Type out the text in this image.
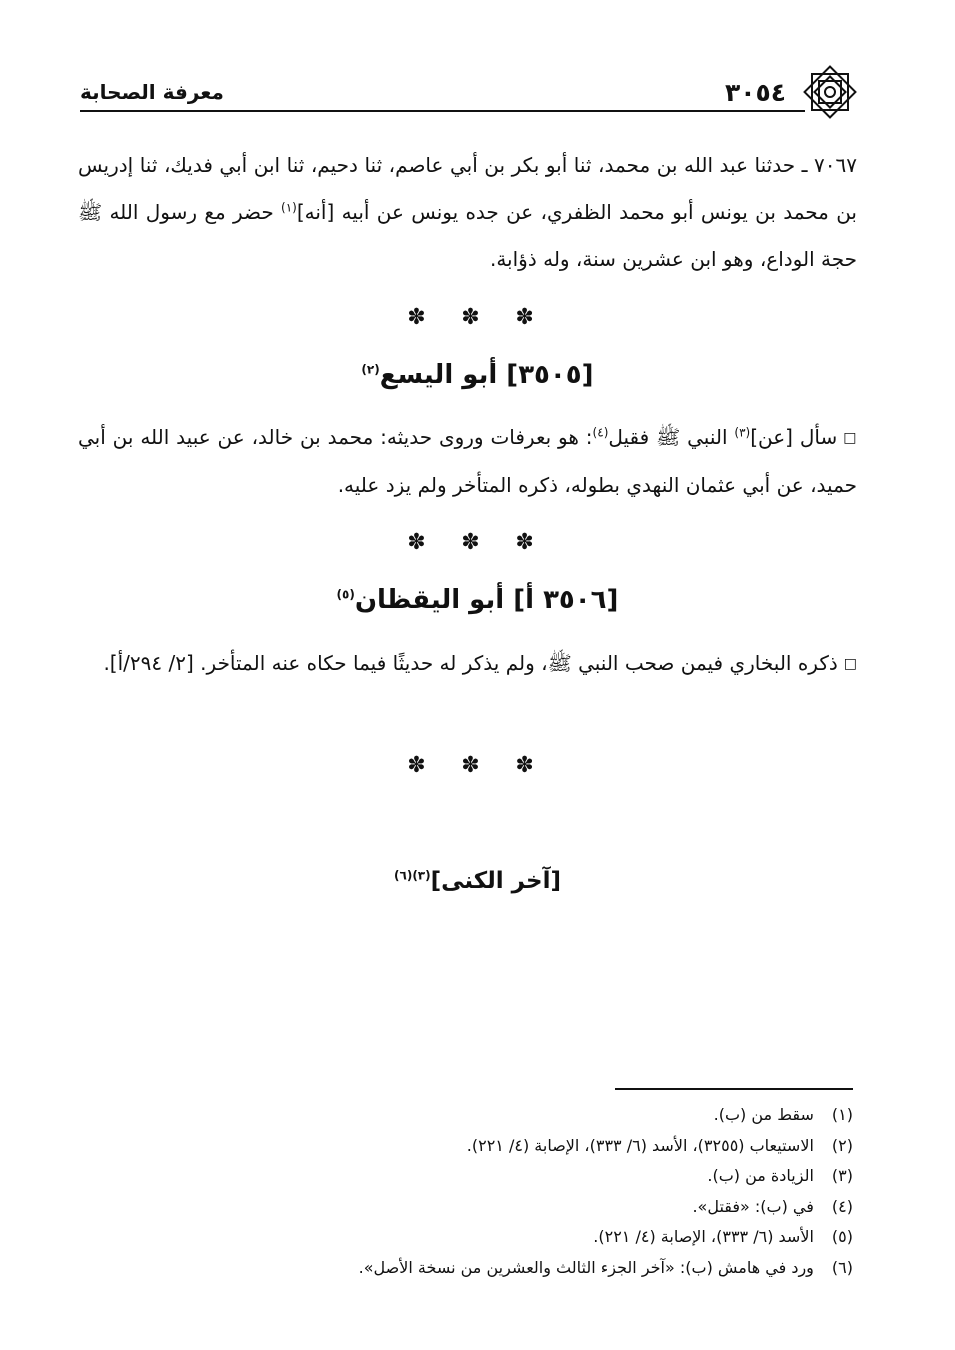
معرفة الصحابة	٣٠٥٤

٧٠٦٧ ـ حدثنا عبد الله بن محمد، ثنا أبو بكر بن أبي عاصم، ثنا دحيم، ثنا ابن أبي فديك، ثنا إدريس بن محمد بن يونس أبو محمد الظفري، عن جده يونس عن أبيه [أنه]$^{(١)}$ حضر مع رسول الله ﷺ حجة الوداع، وهو ابن عشرين سنة، وله ذؤابة.

✽ ✽ ✽
[٣٥٠٥] أبو اليسع$^{(٢)}$

□سأل [عن]$^{(٣)}$ النبي ﷺ فقيل$^{(٤)}$: هو بعرفات وروى حديثه: محمد بن خالد، عن عبيد الله بن أبي حميد، عن أبي عثمان النهدي بطوله، ذكره المتأخر ولم يزد عليه.

✽ ✽ ✽
[٣٥٠٦ أ] أبو اليقظان$^{(٥)}$

□ذكره البخاري فيمن صحب النبي ﷺ، ولم يذكر له حديثًا فيما حكاه عنه المتأخر. [٢/ ٢٩٤/أ].

✽ ✽ ✽
[آخر الكنى]$^{(٣)(٦)}$
(١) سقط من (ب).
(٢) الاستيعاب (٣٢٥٥)، الأسد (٦/ ٣٣٣)، الإصابة (٤/ ٢٢١).
(٣) الزيادة من (ب).
(٤) في (ب): «فقتل».
(٥) الأسد (٦/ ٣٣٣)، الإصابة (٤/ ٢٢١).
(٦) ورد في هامش (ب): «آخر الجزء الثالث والعشرين من نسخة الأصل».
